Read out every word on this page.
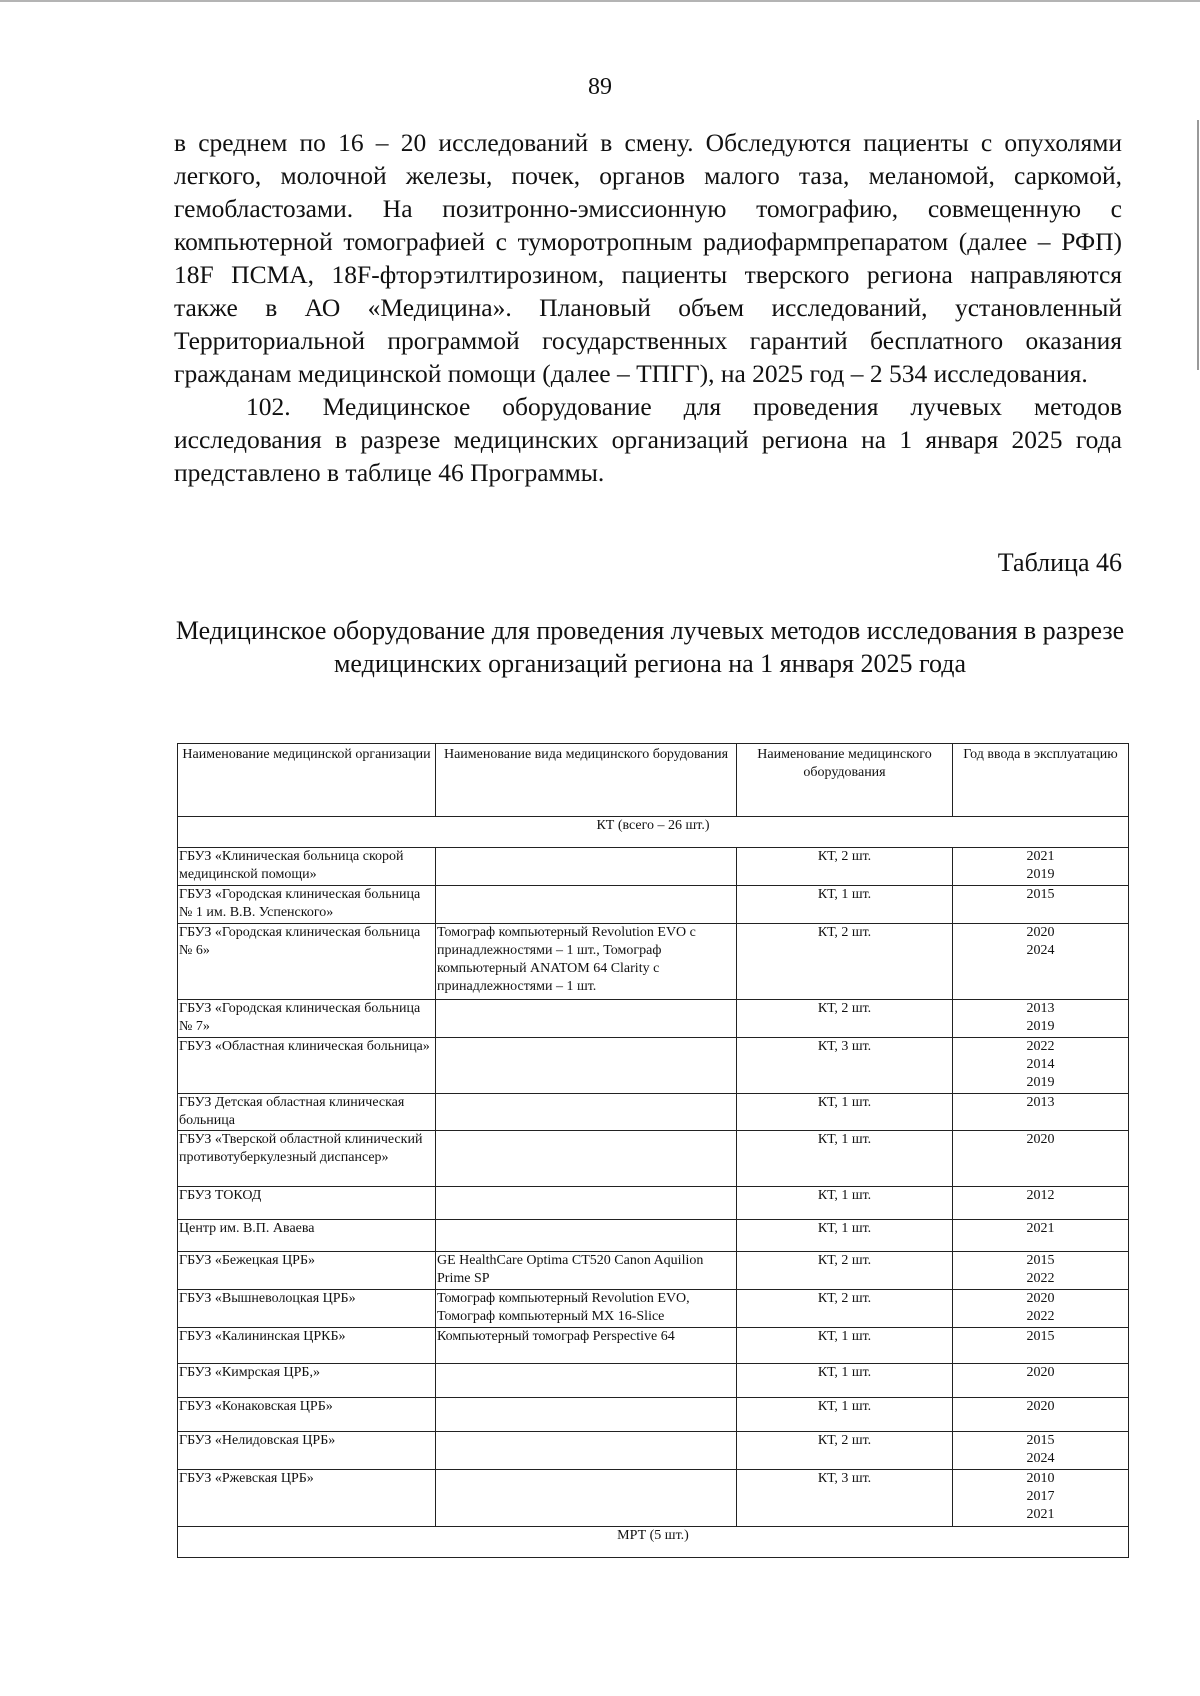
89

в среднем по 16 – 20 исследований в смену. Обследуются пациенты с опухолями легкого, молочной железы, почек, органов малого таза, меланомой, саркомой, гемобластозами. На позитронно-эмиссионную томографию, совмещенную с компьютерной томографией с туморотропным радиофармпрепаратом (далее – РФП) 18F ПСМА, 18F-фторэтилтирозином, пациенты тверского региона направляются также в АО «Медицина». Плановый объем исследований, установленный Территориальной программой государственных гарантий бесплатного оказания гражданам медицинской помощи (далее – ТПГГ), на 2025 год – 2 534 исследования.

102. Медицинское оборудование для проведения лучевых методов исследования в разрезе медицинских организаций региона на 1 января 2025 года представлено в таблице 46 Программы.

Таблица 46
Медицинское оборудование для проведения лучевых методов исследования в разрезе медицинских организаций региона на 1 января 2025 года
Наименование медицинской организации	Наименование вида медицинского борудования	Наименование медицинского оборудования	Год ввода в эксплуатацию
КТ (всего – 26 шт.)			
ГБУЗ «Клиническая больница скорой медицинской помощи»		КТ, 2 шт.	2021
2019
ГБУЗ «Городская клиническая больница № 1 им. В.В. Успенского»		КТ, 1 шт.	2015
ГБУЗ «Городская клиническая больница № 6»	Томограф компьютерный Revolution EVO с принадлежностями – 1 шт., Томограф компьютерный ANATOM 64 Clarity с принадлежностями – 1 шт.	КТ, 2 шт.	2020
2024
ГБУЗ «Городская клиническая больница № 7»		КТ, 2 шт.	2013
2019
ГБУЗ «Областная клиническая больница»		КТ, 3 шт.	2022
2014
2019
ГБУЗ Детская областная клиническая больница		КТ, 1 шт.	2013
ГБУЗ «Тверской областной клинический противотуберкулезный диспансер»		КТ, 1 шт.	2020
ГБУЗ ТОКОД		КТ, 1 шт.	2012
Центр им. В.П. Аваева		КТ, 1 шт.	2021
ГБУЗ «Бежецкая ЦРБ»	GE HealthCare Optima CT520 Canon Aquilion Prime SP	КТ, 2 шт.	2015
2022
ГБУЗ «Вышневолоцкая ЦРБ»	Томограф компьютерный Revolution EVO, Томограф компьютерный MX 16-Slice	КТ, 2 шт.	2020
2022
ГБУЗ «Калининская ЦРКБ»	Компьютерный томограф Perspective 64	КТ, 1 шт.	2015
ГБУЗ «Кимрская ЦРБ,»		КТ, 1 шт.	2020
ГБУЗ «Конаковская ЦРБ»		КТ, 1 шт.	2020
ГБУЗ «Нелидовская ЦРБ»		КТ, 2 шт.	2015
2024
ГБУЗ «Ржевская ЦРБ»		КТ, 3 шт.	2010
2017
2021
МРТ (5 шт.)			
